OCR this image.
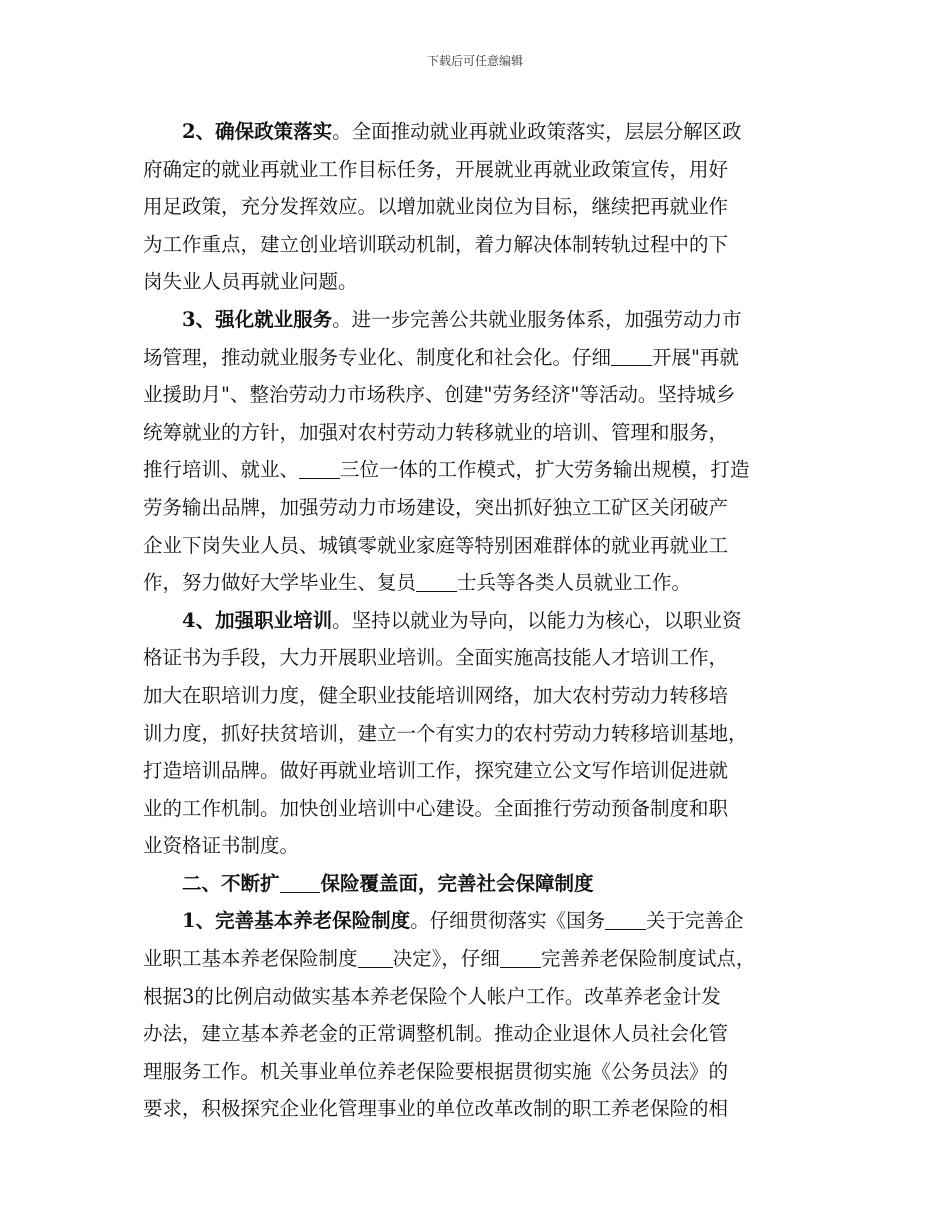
下载后可任意编辑
2、确保政策落实。全面推动就业再就业政策落实，层层分解区政
府确定的就业再就业工作目标任务，开展就业再就业政策宣传，用好
用足政策，充分发挥效应。以增加就业岗位为目标，继续把再就业作
为工作重点，建立创业培训联动机制，着力解决体制转轨过程中的下
岗失业人员再就业问题。
3、强化就业服务。进一步完善公共就业服务体系，加强劳动力市
场管理，推动就业服务专业化、制度化和社会化。仔细 开展"再就
业援助月"、整治劳动力市场秩序、创建"劳务经济"等活动。坚持城乡
统筹就业的方针，加强对农村劳动力转移就业的培训、管理和服务，
推行培训、就业、 三位一体的工作模式，扩大劳务输出规模，打造
劳务输出品牌，加强劳动力市场建设，突出抓好独立工矿区关闭破产
企业下岗失业人员、城镇零就业家庭等特别困难群体的就业再就业工
作，努力做好大学毕业生、复员 士兵等各类人员就业工作。
4、加强职业培训。坚持以就业为导向，以能力为核心，以职业资
格证书为手段，大力开展职业培训。全面实施高技能人才培训工作，
加大在职培训力度，健全职业技能培训网络，加大农村劳动力转移培
训力度，抓好扶贫培训，建立一个有实力的农村劳动力转移培训基地，
打造培训品牌。做好再就业培训工作，探究建立公文写作培训促进就
业的工作机制。加快创业培训中心建设。全面推行劳动预备制度和职
业资格证书制度。
二、不断扩 保险覆盖面，完善社会保障制度
1、完善基本养老保险制度。仔细贯彻落实《国务 关于完善企
业职工基本养老保险制度 决定》，仔细 完善养老保险制度试点，
根据3的比例启动做实基本养老保险个人帐户工作。改革养老金计发
办法，建立基本养老金的正常调整机制。推动企业退休人员社会化管
理服务工作。机关事业单位养老保险要根据贯彻实施《公务员法》的
要求，积极探究企业化管理事业的单位改革改制的职工养老保险的相
